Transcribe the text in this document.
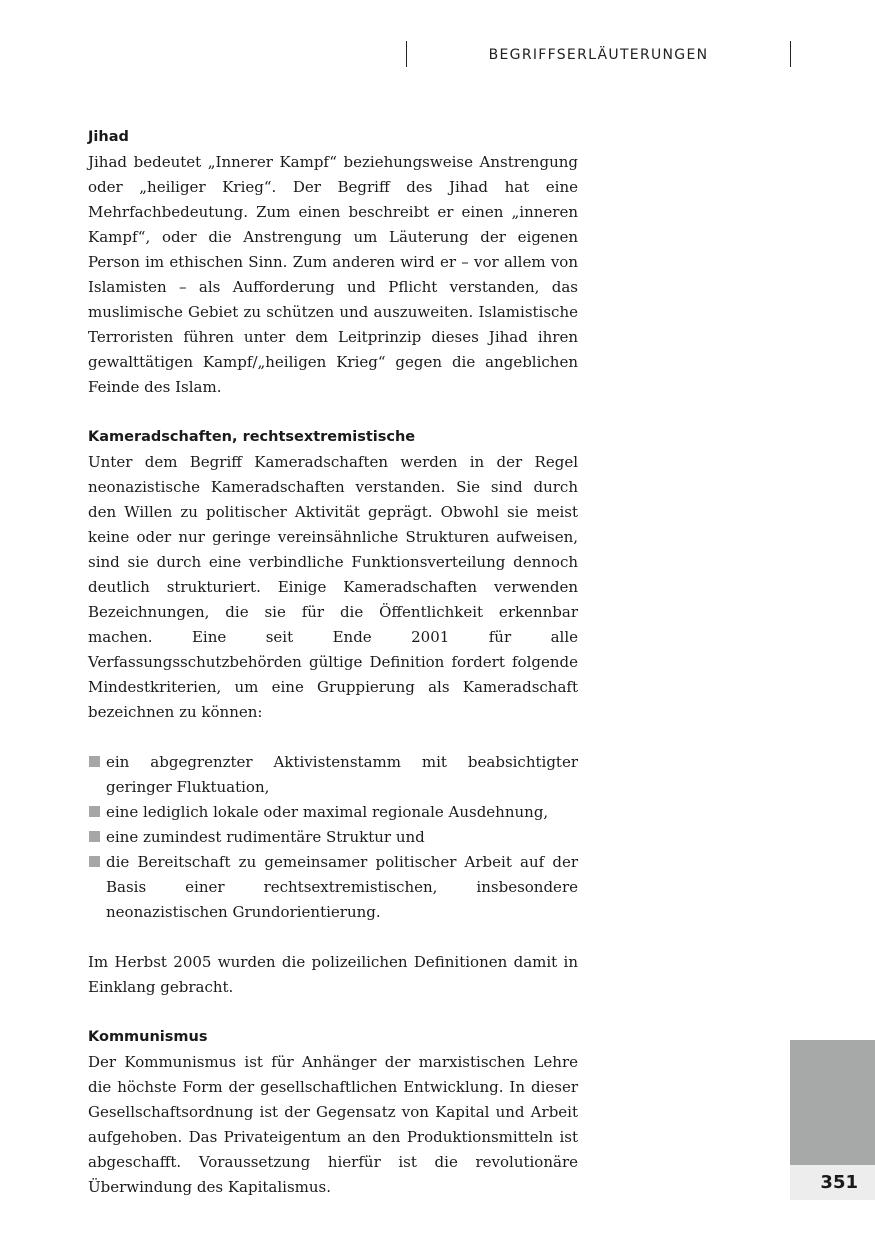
BEGRIFFSERLÄUTERUNGEN
Jihad
Jihad bedeutet „Innerer Kampf“ beziehungsweise Anstrengung oder „heiliger Krieg“. Der Begriff des Jihad hat eine Mehrfachbedeutung. Zum einen beschreibt er einen „inneren Kampf“, oder die Anstrengung um Läuterung der eigenen Person im ethischen Sinn. Zum anderen wird er – vor allem von Islamisten – als Aufforderung und Pflicht verstanden, das muslimische Gebiet zu schützen und auszuweiten. Islamistische Terroristen führen unter dem Leitprinzip dieses Jihad ihren gewalttätigen Kampf/„heiligen Krieg“ gegen die angeblichen Feinde des Islam.
Kameradschaften, rechtsextremistische
Unter dem Begriff Kameradschaften werden in der Regel neonazistische Kameradschaften verstanden. Sie sind durch den Willen zu politischer Aktivität geprägt. Obwohl sie meist keine oder nur geringe vereinsähnliche Strukturen aufweisen, sind sie durch eine verbindliche Funktionsverteilung dennoch deutlich strukturiert. Einige Kameradschaften verwenden Bezeichnungen, die sie für die Öffentlichkeit erkennbar machen. Eine seit Ende 2001 für alle Verfassungsschutzbehörden gültige Definition fordert folgende Mindestkriterien, um eine Gruppierung als Kameradschaft bezeichnen zu können:
ein abgegrenzter Aktivistenstamm mit beabsichtigter geringer Fluktuation,
eine lediglich lokale oder maximal regionale Ausdehnung,
eine zumindest rudimentäre Struktur und
die Bereitschaft zu gemeinsamer politischer Arbeit auf der Basis einer rechtsextremistischen, insbesondere neonazistischen Grundorientierung.
Im Herbst 2005 wurden die polizeilichen Definitionen damit in Einklang gebracht.
Kommunismus
Der Kommunismus ist für Anhänger der marxistischen Lehre die höchste Form der gesellschaftlichen Entwicklung. In dieser Gesellschaftsordnung ist der Gegensatz von Kapital und Arbeit aufgehoben. Das Privateigentum an den Produktionsmitteln ist abgeschafft. Voraussetzung hierfür ist die revolutionäre Überwindung des Kapitalismus.	351
